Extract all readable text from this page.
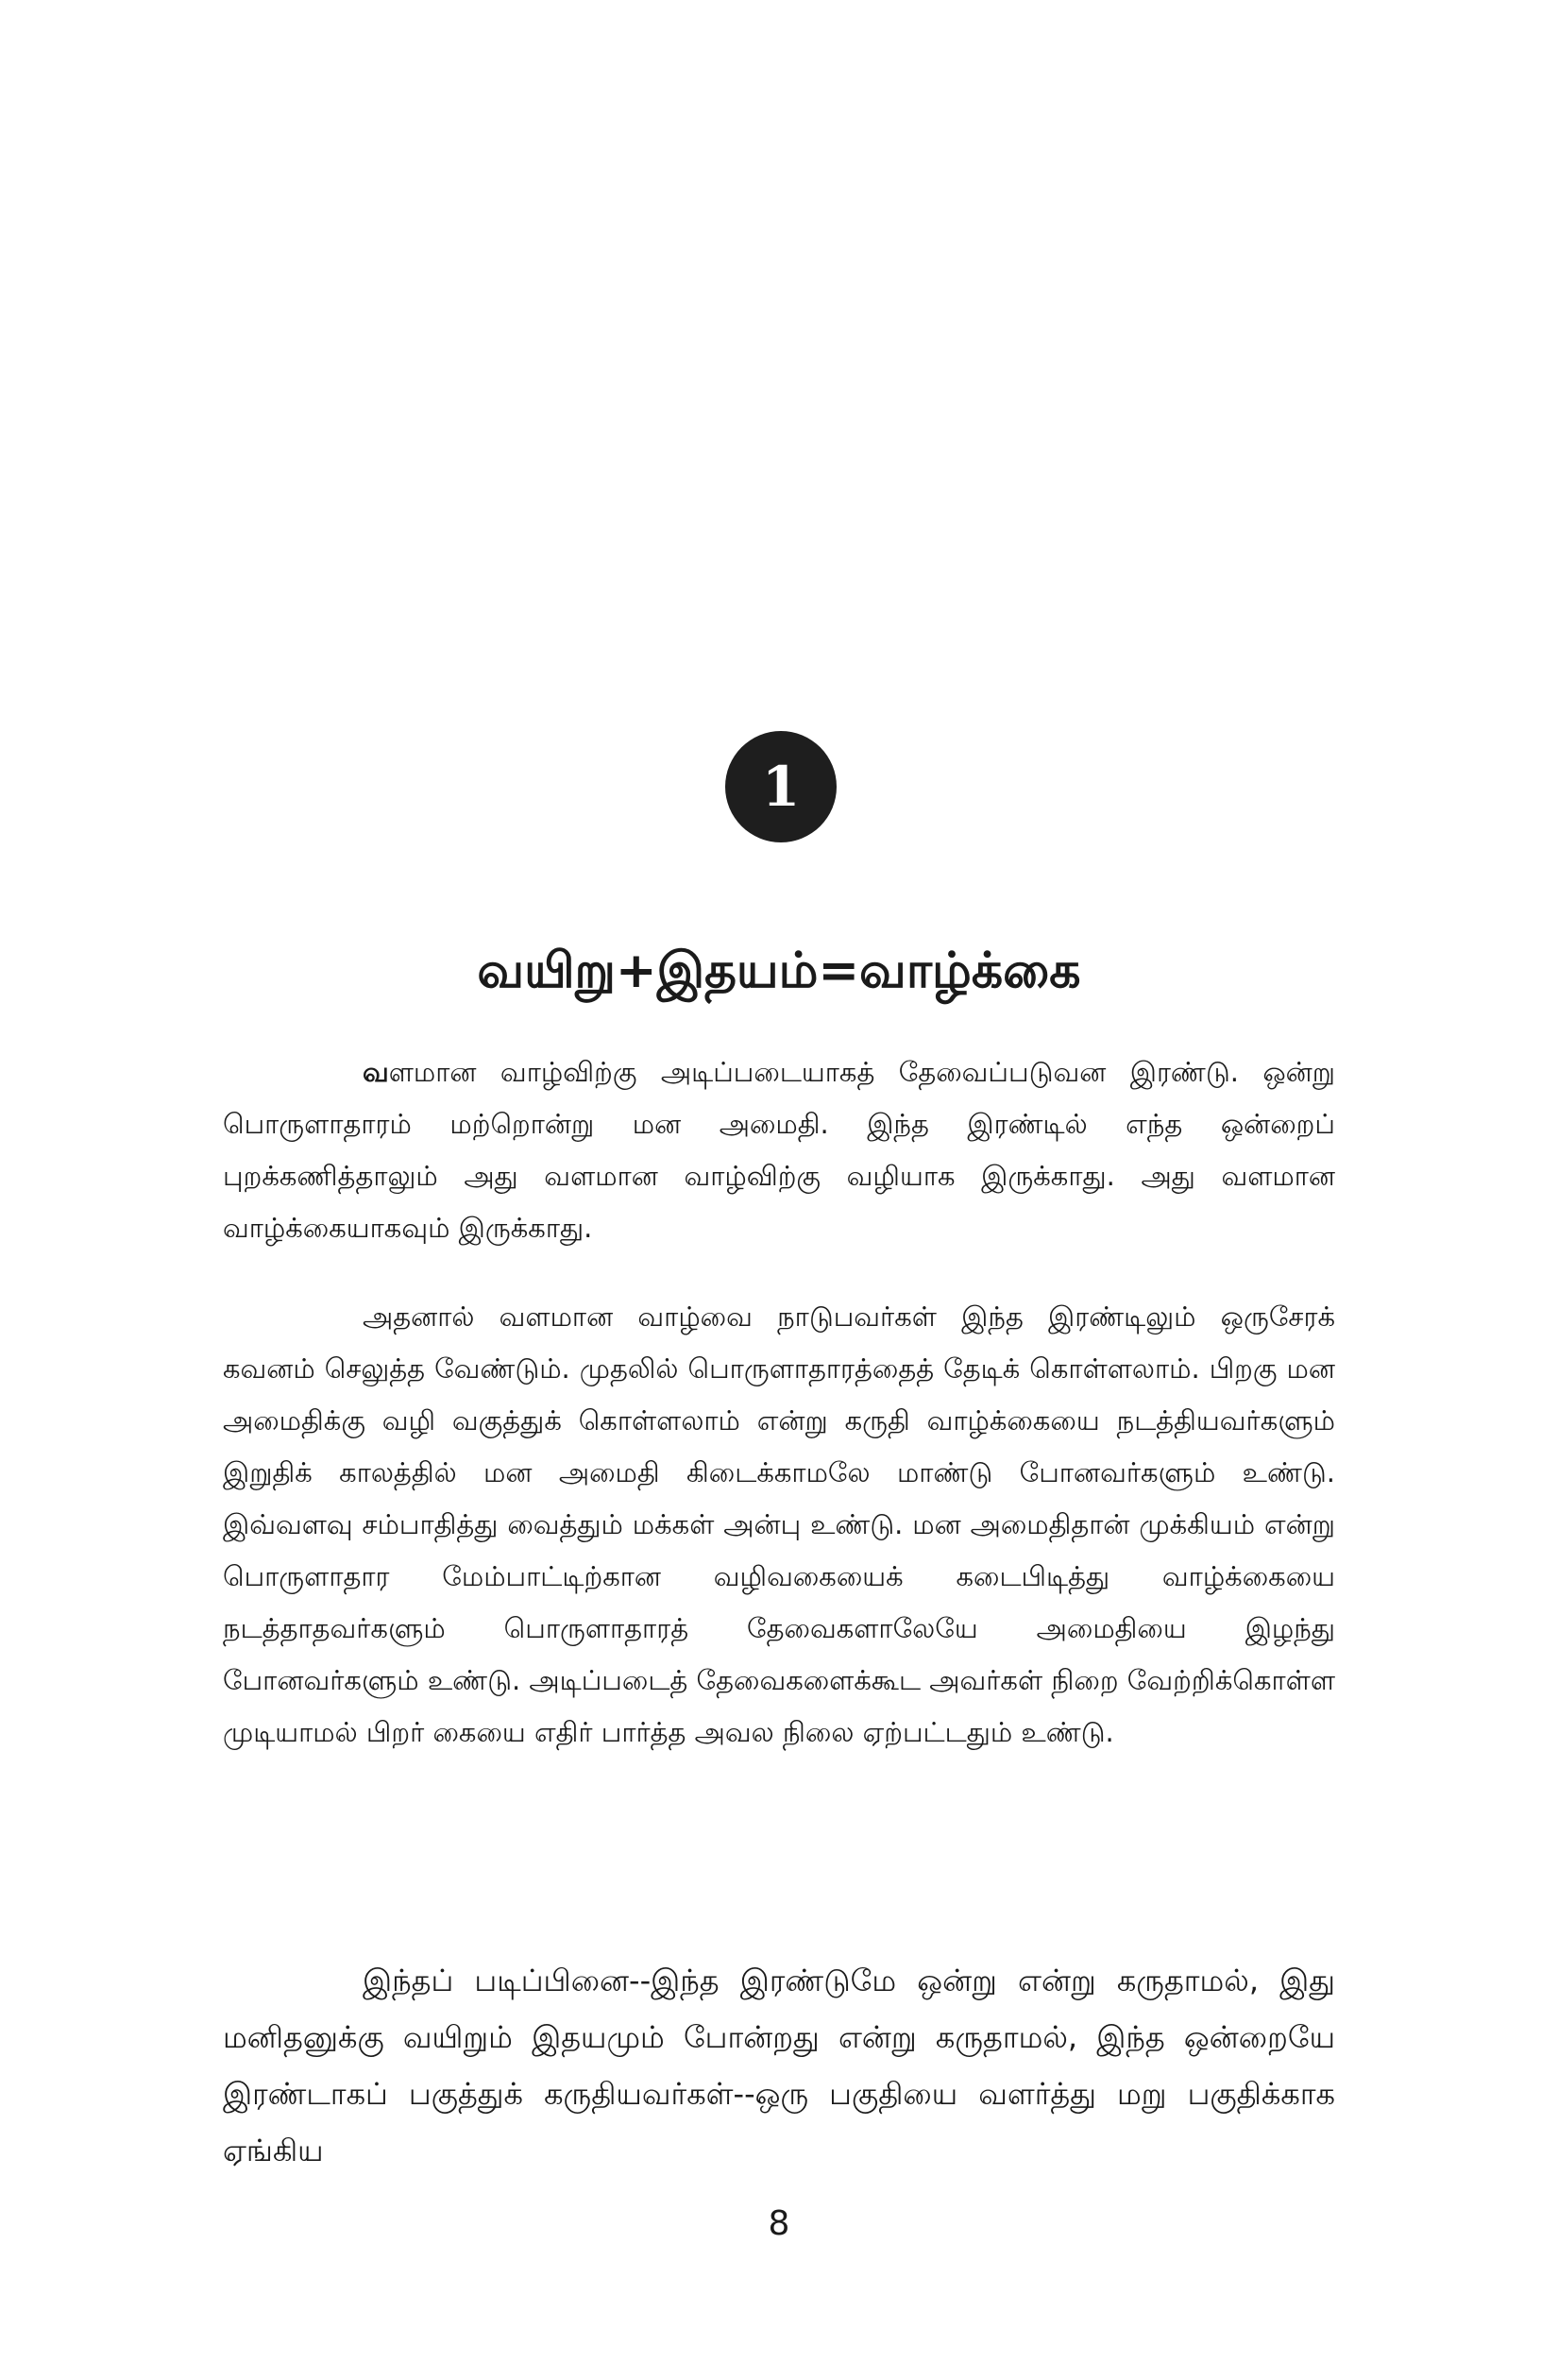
1
வயிறு+இதயம்=வாழ்க்கை

வளமான வாழ்விற்கு அடிப்படையாகத் தேவைப்படுவன இரண்டு. ஒன்று பொருளாதாரம் மற்றொன்று மன அமைதி. இந்த இரண்டில் எந்த ஒன்றைப் புறக்கணித்தாலும் அது வளமான வாழ்விற்கு வழியாக இருக்காது. அது வளமான வாழ்க்கையாகவும் இருக்காது.

அதனால் வளமான வாழ்வை நாடுபவர்கள் இந்த இரண்டிலும் ஒருசேரக் கவனம் செலுத்த வேண்டும். முதலில் பொருளாதாரத்தைத் தேடிக் கொள்ளலாம். பிறகு மன அமைதிக்கு வழி வகுத்துக் கொள்ளலாம் என்று கருதி வாழ்க்கையை நடத்தியவர்களும் இறுதிக் காலத்தில் மன அமைதி கிடைக்காமலே மாண்டு போனவர்களும் உண்டு. இவ்வளவு சம்பாதித்து வைத்தும் மக்கள் அன்பு உண்டு. மன அமைதிதான் முக்கியம் என்று பொருளாதார மேம்பாட்டிற்கான வழிவகையைக் கடைபிடித்து வாழ்க்கையை நடத்தாதவர்களும் பொருளாதாரத் தேவைகளாலேயே அமைதியை இழந்து போனவர்களும் உண்டு. அடிப்படைத் தேவைகளைக்கூட அவர்கள் நிறை வேற்றிக்கொள்ள முடியாமல் பிறர் கையை எதிர் பார்த்த அவல நிலை ஏற்பட்டதும் உண்டு.

இந்தப் படிப்பினை--இந்த இரண்டுமே ஒன்று என்று கருதாமல், இது மனிதனுக்கு வயிறும் இதயமும் போன்றது என்று கருதாமல், இந்த ஒன்றையே இரண்டாகப் பகுத்துக் கருதியவர்கள்--ஒரு பகுதியை வளர்த்து மறு பகுதிக்காக ஏங்கிய

8
